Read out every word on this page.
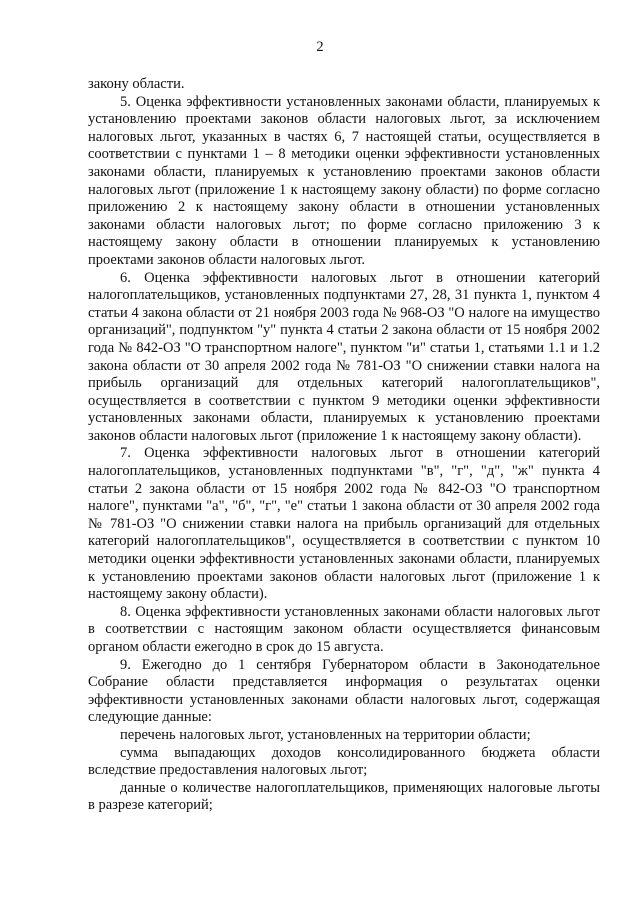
2

закону области.

5. Оценка эффективности установленных законами области, планируемых к установлению проектами законов области налоговых льгот, за исключением налоговых льгот, указанных в частях 6, 7 настоящей статьи, осуществляется в соответствии с пунктами 1 – 8 методики оценки эффективности установленных законами области, планируемых к установлению проектами законов области налоговых льгот (приложение 1 к настоящему закону области) по форме согласно приложению 2 к настоящему закону области в отношении установленных законами области налоговых льгот; по форме согласно приложению 3 к настоящему закону области в отношении планируемых к установлению проектами законов области налоговых льгот.

6. Оценка эффективности налоговых льгот в отношении категорий налогоплательщиков, установленных подпунктами 27, 28, 31 пункта 1, пунктом 4 статьи 4 закона области от 21 ноября 2003 года № 968-ОЗ "О налоге на имущество организаций", подпунктом "у" пункта 4 статьи 2 закона области от 15 ноября 2002 года № 842-ОЗ "О транспортном налоге", пунктом "и" статьи 1, статьями 1.1 и 1.2 закона области от 30 апреля 2002 года № 781-ОЗ "О снижении ставки налога на прибыль организаций для отдельных категорий налогоплательщиков", осуществляется в соответствии с пунктом 9 методики оценки эффективности установленных законами области, планируемых к установлению проектами законов области налоговых льгот (приложение 1 к настоящему закону области).

7. Оценка эффективности налоговых льгот в отношении категорий налогоплательщиков, установленных подпунктами "в", "г", "д", "ж" пункта 4 статьи 2 закона области от 15 ноября 2002 года № 842-ОЗ "О транспортном налоге", пунктами "а", "б", "г", "е" статьи 1 закона области от 30 апреля 2002 года № 781-ОЗ "О снижении ставки налога на прибыль организаций для отдельных категорий налогоплательщиков", осуществляется в соответствии с пунктом 10 методики оценки эффективности установленных законами области, планируемых к установлению проектами законов области налоговых льгот (приложение 1 к настоящему закону области).

8. Оценка эффективности установленных законами области налоговых льгот в соответствии с настоящим законом области осуществляется финансовым органом области ежегодно в срок до 15 августа.

9. Ежегодно до 1 сентября Губернатором области в Законодательное Собрание области представляется информация о результатах оценки эффективности установленных законами области налоговых льгот, содержащая следующие данные:

перечень налоговых льгот, установленных на территории области;

сумма выпадающих доходов консолидированного бюджета области вследствие предоставления налоговых льгот;

данные о количестве налогоплательщиков, применяющих налоговые льготы в разрезе категорий;
